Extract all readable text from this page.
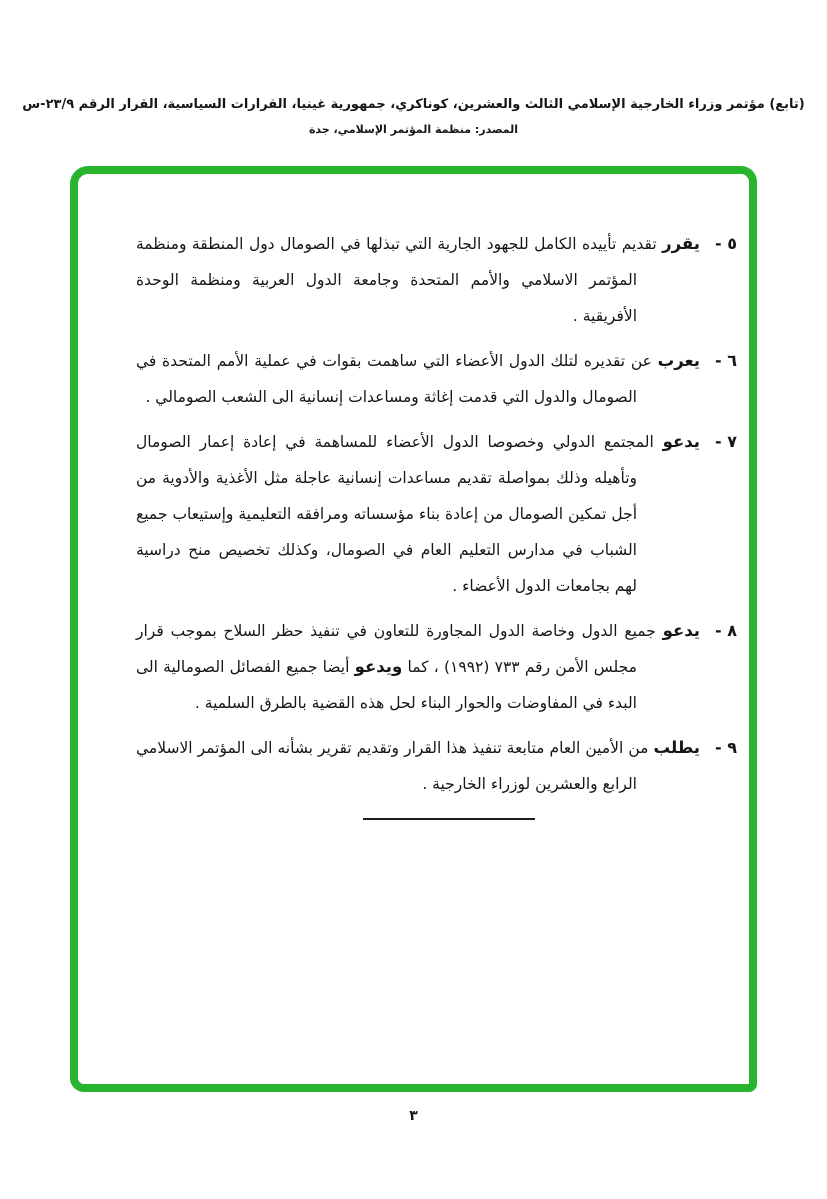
(تابع) مؤتمر وزراء الخارجية الإسلامي الثالث والعشرين، كوناكري، جمهورية غينيا، القرارات السياسية، القرار الرقم ٢٣/٩-س
المصدر: منظمة المؤتمر الإسلامي، جدة
٥ -

يقرر تقديم تأييده الكامل للجهود الجارية التي تبذلها في الصومال دول المنطقة ومنظمة المؤتمر الاسلامي والأمم المتحدة وجامعة الدول العربية ومنظمة الوحدة الأفريقية .

٦ -

يعرب عن تقديره لتلك الدول الأعضاء التي ساهمت بقوات في عملية الأمم المتحدة في الصومال والدول التي قدمت إغاثة ومساعدات إنسانية الى الشعب الصومالي .

٧ -

يدعو المجتمع الدولي وخصوصا الدول الأعضاء للمساهمة في إعادة إعمار الصومال وتأهيله وذلك بمواصلة تقديم مساعدات إنسانية عاجلة مثل الأغذية والأدوية من أجل تمكين الصومال من إعادة بناء مؤسساته ومرافقه التعليمية وإستيعاب جميع الشباب في مدارس التعليم العام في الصومال، وكذلك تخصيص منح دراسية لهم بجامعات الدول الأعضاء .

٨ -

يدعو جميع الدول وخاصة الدول المجاورة للتعاون في تنفيذ حظر السلاح بموجب قرار مجلس الأمن رقم ٧٣٣ (١٩٩٢) ، كما ويدعو أيضا جميع الفصائل الصومالية الى البدء في المفاوضات والحوار البناء لحل هذه القضية بالطرق السلمية .

٩ -

يطلب من الأمين العام متابعة تنفيذ هذا القرار وتقديم تقرير بشأنه الى المؤتمر الاسلامي الرابع والعشرين لوزراء الخارجية .

٣
